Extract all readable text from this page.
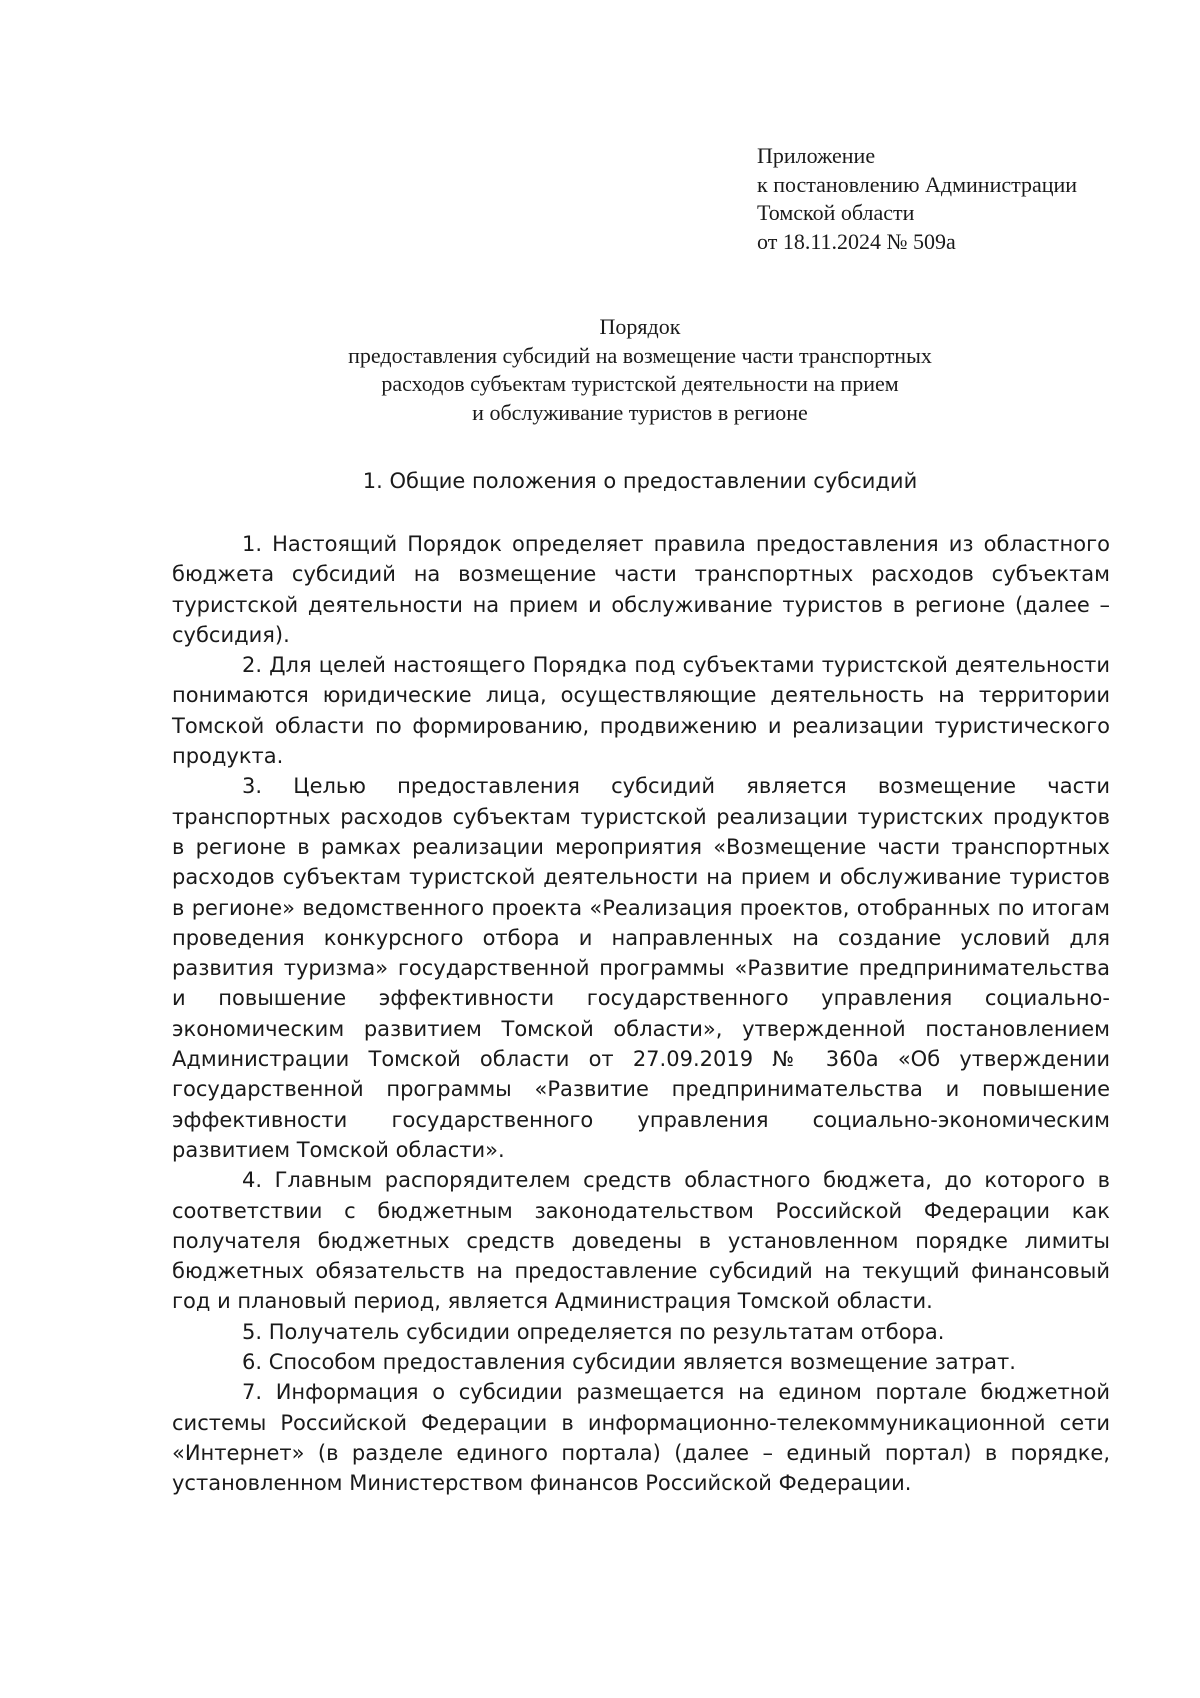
Приложение
к постановлению Администрации
Томской области
от 18.11.2024 № 509а
Порядок
предоставления субсидий на возмещение части транспортных
расходов субъектам туристской деятельности на прием
и обслуживание туристов в регионе
1. Общие положения о предоставлении субсидий

1. Настоящий Порядок определяет правила предоставления из областного бюджета субсидий на возмещение части транспортных расходов субъектам туристской деятельности на прием и обслуживание туристов в регионе (далее – субсидия).

2. Для целей настоящего Порядка под субъектами туристской деятельности понимаются юридические лица, осуществляющие деятельность на территории Томской области по формированию, продвижению и реализации туристического продукта.

3. Целью предоставления субсидий является возмещение части транспортных расходов субъектам туристской реализации туристских продуктов в регионе в рамках реализации мероприятия «Возмещение части транспортных расходов субъектам туристской деятельности на прием и обслуживание туристов в регионе» ведомственного проекта «Реализация проектов, отобранных по итогам проведения конкурсного отбора и направленных на создание условий для развития туризма» государственной программы «Развитие предпринимательства и повышение эффективности государственного управления социально-экономическим развитием Томской области», утвержденной постановлением Администрации Томской области от 27.09.2019 № 360а «Об утверждении государственной программы «Развитие предпринимательства и повышение эффективности государственного управления социально-экономическим развитием Томской области».

4. Главным распорядителем средств областного бюджета, до которого в соответствии с бюджетным законодательством Российской Федерации как получателя бюджетных средств доведены в установленном порядке лимиты бюджетных обязательств на предоставление субсидий на текущий финансовый год и плановый период, является Администрация Томской области.

5. Получатель субсидии определяется по результатам отбора.

6. Способом предоставления субсидии является возмещение затрат.

7. Информация о субсидии размещается на едином портале бюджетной системы Российской Федерации в информационно-телекоммуникационной сети «Интернет» (в разделе единого портала) (далее – единый портал) в порядке, установленном Министерством финансов Российской Федерации.
